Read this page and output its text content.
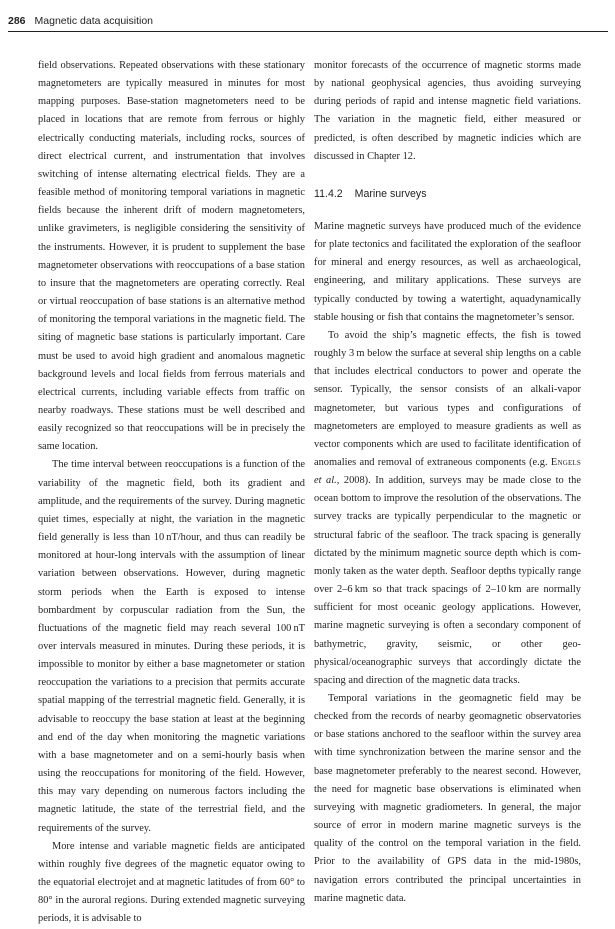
286 Magnetic data acquisition

field observations. Repeated observations with these stationary magnetometers are typically measured in minutes for most mapping purposes. Base-station magnetometers need to be placed in locations that are remote from ferrous or highly electrically conducting materials, including rocks, sources of direct electrical current, and instrumentation that involves switching of intense alternating electrical fields. They are a feasible method of monitoring temporal variations in magnetic fields because the inherent drift of modern magnetometers, unlike gravimeters, is negligible considering the sensitivity of the instruments. However, it is prudent to supplement the base magnetometer observations with reoccupations of a base station to insure that the magnetometers are operating correctly. Real or virtual reoccupation of base stations is an alternative method of monitoring the temporal variations in the magnetic field. The siting of magnetic base stations is particularly important. Care must be used to avoid high gradient and anomalous magnetic background levels and local fields from ferrous materials and electrical currents, including variable effects from traffic on nearby roadways. These stations must be well described and easily recognized so that reoccupations will be in precisely the same location.

The time interval between reoccupations is a function of the variability of the magnetic field, both its gradient and amplitude, and the requirements of the survey. During magnetic quiet times, especially at night, the variation in the magnetic field generally is less than 10 nT/hour, and thus can readily be monitored at hour-long intervals with the assumption of linear variation between observations. However, during magnetic storm periods when the Earth is exposed to intense bombardment by corpuscular radiation from the Sun, the fluctuations of the magnetic field may reach several 100 nT over intervals measured in minutes. During these periods, it is impossible to monitor by either a base magnetometer or station reoccupation the variations to a precision that permits accurate spatial mapping of the terrestrial magnetic field. Generally, it is advisable to reoccupy the base station at least at the beginning and end of the day when monitoring the magnetic variations with a base magnetometer and on a semi-hourly basis when using the reoccupations for monitoring of the field. However, this may vary depending on numerous factors including the magnetic latitude, the state of the terrestrial field, and the requirements of the survey.

More intense and variable magnetic fields are anticipated within roughly five degrees of the magnetic equator owing to the equatorial electrojet and at magnetic latitudes of from 60° to 80° in the auroral regions. During extended magnetic surveying periods, it is advisable to

monitor forecasts of the occurrence of magnetic storms made by national geophysical agencies, thus avoiding surveying during periods of rapid and intense magnetic field variations. The variation in the magnetic field, either measured or predicted, is often described by magnetic indicies which are discussed in Chapter 12.

11.4.2 Marine surveys

Marine magnetic surveys have produced much of the evidence for plate tectonics and facilitated the exploration of the seafloor for mineral and energy resources, as well as archaeological, engineering, and military applications. These surveys are typically conducted by towing a watertight, aquadynamically stable housing or fish that contains the magnetometer’s sensor.

To avoid the ship’s magnetic effects, the fish is towed roughly 3 m below the surface at several ship lengths on a cable that includes electrical conductors to power and operate the sensor. Typically, the sensor consists of an alkali-vapor magnetometer, but various types and configurations of magnetometers are employed to measure gradients as well as vector components which are used to facilitate identification of anomalies and removal of extraneous components (e.g. Engels et al., 2008). In addition, surveys may be made close to the ocean bottom to improve the resolution of the observations. The survey tracks are typically perpendicular to the magnetic or structural fabric of the seafloor. The track spacing is generally dictated by the minimum magnetic source depth which is commonly taken as the water depth. Seafloor depths typically range over 2–6 km so that track spacings of 2–10 km are normally sufficient for most oceanic geology applications. However, marine magnetic surveying is often a secondary component of bathymetric, gravity, seismic, or other geophysical/oceanographic surveys that accordingly dictate the spacing and direction of the magnetic data tracks.

Temporal variations in the geomagnetic field may be checked from the records of nearby geomagnetic observatories or base stations anchored to the seafloor within the survey area with time synchronization between the marine sensor and the base magnetometer preferably to the nearest second. However, the need for magnetic base observations is eliminated when surveying with magnetic gradiometers. In general, the major source of error in modern marine magnetic surveys is the quality of the control on the temporal variation in the field. Prior to the availability of GPS data in the mid-1980s, navigation errors contributed the principal uncertainties in marine magnetic data.
